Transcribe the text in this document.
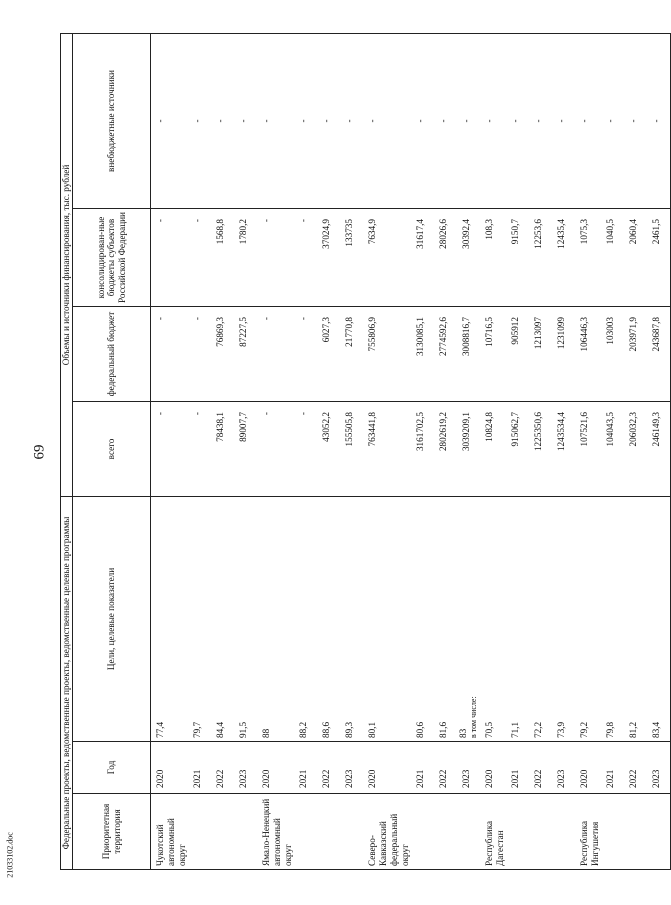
69
21033102.doc
Федеральные проекты, ведомственные проекты, ведомственные целевые программы			Объемы и источники финансирования, тыс. рублей			
Приоритетная территория	Год	Цели, целевые показатели	всего	федеральный бюджет	консолидирован-ные бюджеты субъектов Российской Федерации	внебюджетные источники
Чукотский автономный округ	2020	77,4	-	-	-	-
	2021	79,7	-	-	-	-
	2022	84,4	78438,1	76869,3	1568,8	-
	2023	91,5	89007,7	87227,5	1780,2	-
Ямало-Ненецкий автономный округ	2020	88	-	-	-	-
	2021	88,2	-	-	-	-
	2022	88,6	43052,2	6027,3	37024,9	-
	2023	89,3	155505,8	21770,8	133735	-
Северо-Кавказский федеральный округ	2020	80,1	763441,8	755806,9	7634,9	-
	2021	80,6	3161702,5	3130085,1	31617,4	-
	2022	81,6	2802619,2	2774592,6	28026,6	-
	2023	83 в том числе:	3039209,1	3008816,7	30392,4	-
Республика Дагестан	2020	70,5	10824,8	10716,5	108,3	-
	2021	71,1	915062,7	905912	9150,7	-
	2022	72,2	1225350,6	1213097	12253,6	-
	2023	73,9	1243534,4	1231099	12435,4	-
Республика Ингушетия	2020	79,2	107521,6	106446,3	1075,3	-
	2021	79,8	104043,5	103003	1040,5	-
	2022	81,2	206032,3	203971,9	2060,4	-
	2023	83,4	246149,3	243687,8	2461,5	-
